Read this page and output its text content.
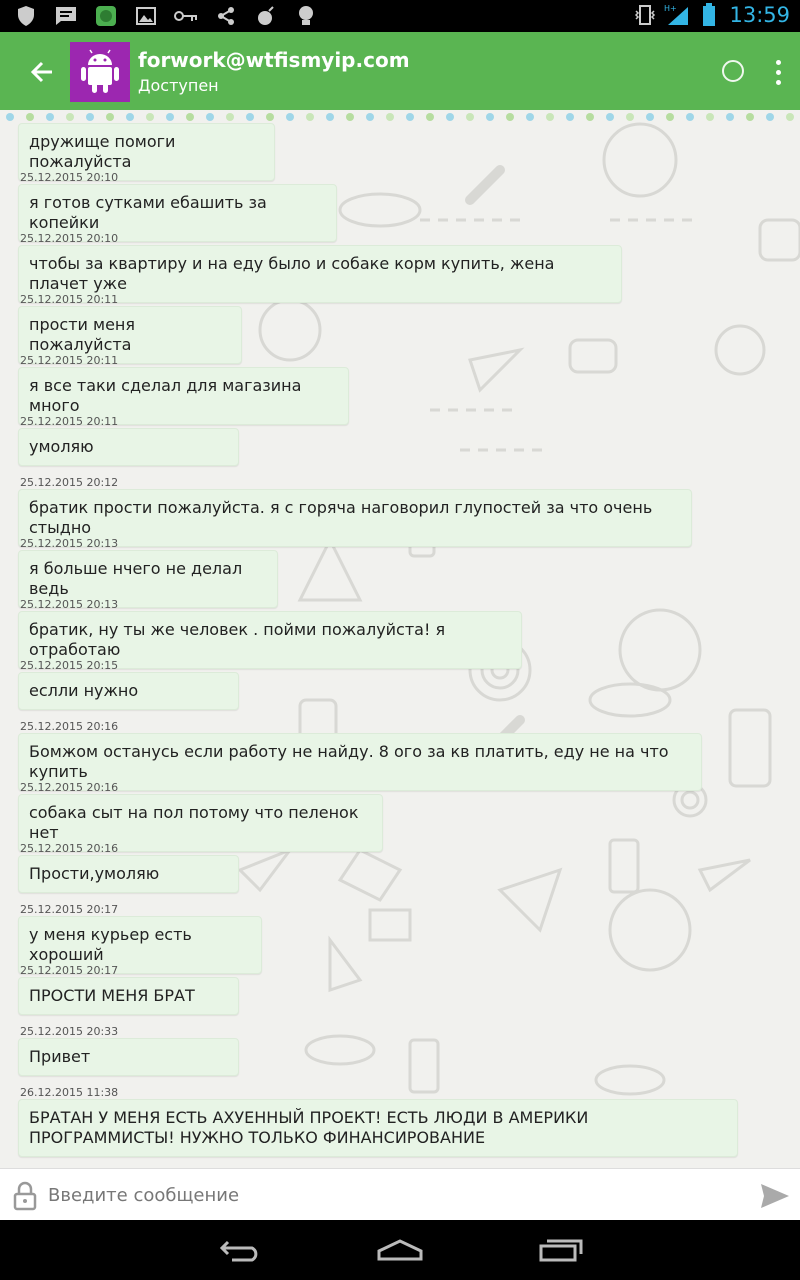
H+ 13:59
forwork@wtfismyip.com
Доступен
дружище помоги пожалуйста
25.12.2015 20:10
я готов сутками ебашить за копейки
25.12.2015 20:10
чтобы за квартиру и на еду было и собаке корм купить, жена плачет уже
25.12.2015 20:11
прости меня пожалуйста
25.12.2015 20:11
я все таки сделал для магазина много
25.12.2015 20:11
умоляю
25.12.2015 20:12
братик прости пожалуйста. я с горяча наговорил глупостей за что очень стыдно
25.12.2015 20:13
я больше нчего не делал ведь
25.12.2015 20:13
братик, ну ты же человек . пойми пожалуйста! я отработаю
25.12.2015 20:15
еслли нужно
25.12.2015 20:16
Бомжом останусь если работу не найду. 8 ого за кв платить, еду не на что купить
25.12.2015 20:16
собака сыт на пол потому что пеленок нет
25.12.2015 20:16
Прости,умоляю
25.12.2015 20:17
у меня курьер есть хороший
25.12.2015 20:17
ПРОСТИ МЕНЯ БРАТ
25.12.2015 20:33
Привет
26.12.2015 11:38
БРАТАН У МЕНЯ ЕСТЬ АХУЕННЫЙ ПРОЕКТ! ЕСТЬ ЛЮДИ В АМЕРИКИ ПРОГРАММИСТЫ! НУЖНО ТОЛЬКО ФИНАНСИРОВАНИЕ
Введите сообщение
